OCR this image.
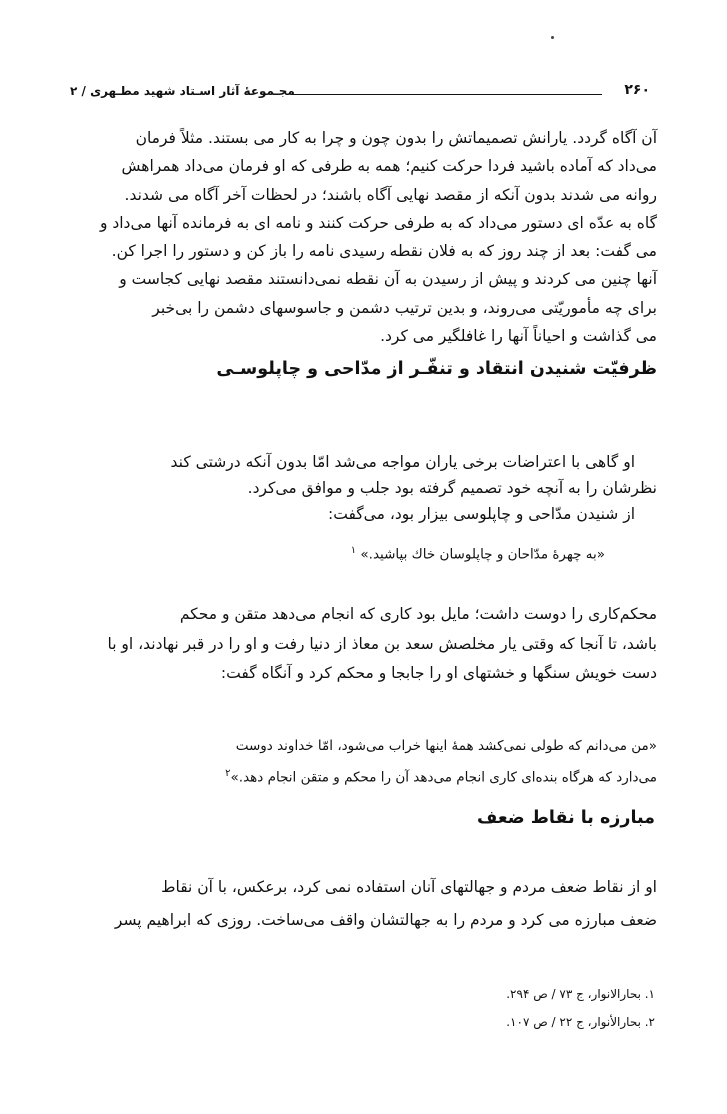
مجـموعهٔ آثار اسـتاد شهید مطـهری / ۲	۲۶۰
آن آگاه گردد. یارانش تصمیماتش را بدون چون و چرا به کار می بستند. مثلاً فرمان
می‌داد که آماده باشید فردا حرکت کنیم؛ همه به طرفی که او فرمان می‌داد همراهش
روانه می شدند بدون آنکه از مقصد نهایی آگاه باشند؛ در لحظات آخر آگاه می شدند.
گاه به عدّه ای دستور می‌داد که به طرفی حرکت کنند و نامه ای به فرمانده آنها می‌داد و
می گفت: بعد از چند روز که به فلان نقطه رسیدی نامه را باز کن و دستور را اجرا کن.
آنها چنین می کردند و پیش از رسیدن به آن نقطه نمی‌دانستند مقصد نهایی کجاست و
برای چه مأموریّتی می‌روند، و بدین ترتیب دشمن و جاسوسهای دشمن را بی‌خبر
می گذاشت و احیاناً آنها را غافلگیر می کرد.
ظرفیّت شنیدن انتقاد و تنفّـر از مدّاحی و چاپلوسـی
او گاهی با اعتراضات برخی یاران مواجه می‌شد امّا بدون آنکه درشتی کند
نظرشان را به آنچه خود تصمیم گرفته بود جلب و موافق می‌کرد.
از شنیدن مدّاحی و چاپلوسی بیزار بود، می‌گفت:
«به چهرهٔ مدّاحان و چاپلوسان خاك بپاشید.» $^۱$
محکم‌کاری را دوست داشت؛ مایل بود کاری که انجام می‌دهد متقن و محکم
باشد، تا آنجا که وقتی یار مخلصش سعد بن معاذ از دنیا رفت و او را در قبر نهادند، او با
دست خویش سنگها و خشتهای او را جابجا و محکم کرد و آنگاه گفت:
«من می‌دانم که طولی نمی‌کشد همهٔ اینها خراب می‌شود، امّا خداوند دوست
می‌دارد که هرگاه بنده‌ای کاری انجام می‌دهد آن را محکم و متقن انجام دهد.»$^۲$
مبارزه با نقاط ضعف
او از نقاط ضعف مردم و جهالتهای آنان استفاده نمی کرد، برعکس، با آن نقاط
ضعف مبارزه می کرد و مردم را به جهالتشان واقف می‌ساخت. روزی که ابراهیم پسر
۱. بحارالانوار، ج ۷۳ / ص ۲۹۴.
۲. بحارالأنوار، ج ۲۲ / ص ۱۰۷.
